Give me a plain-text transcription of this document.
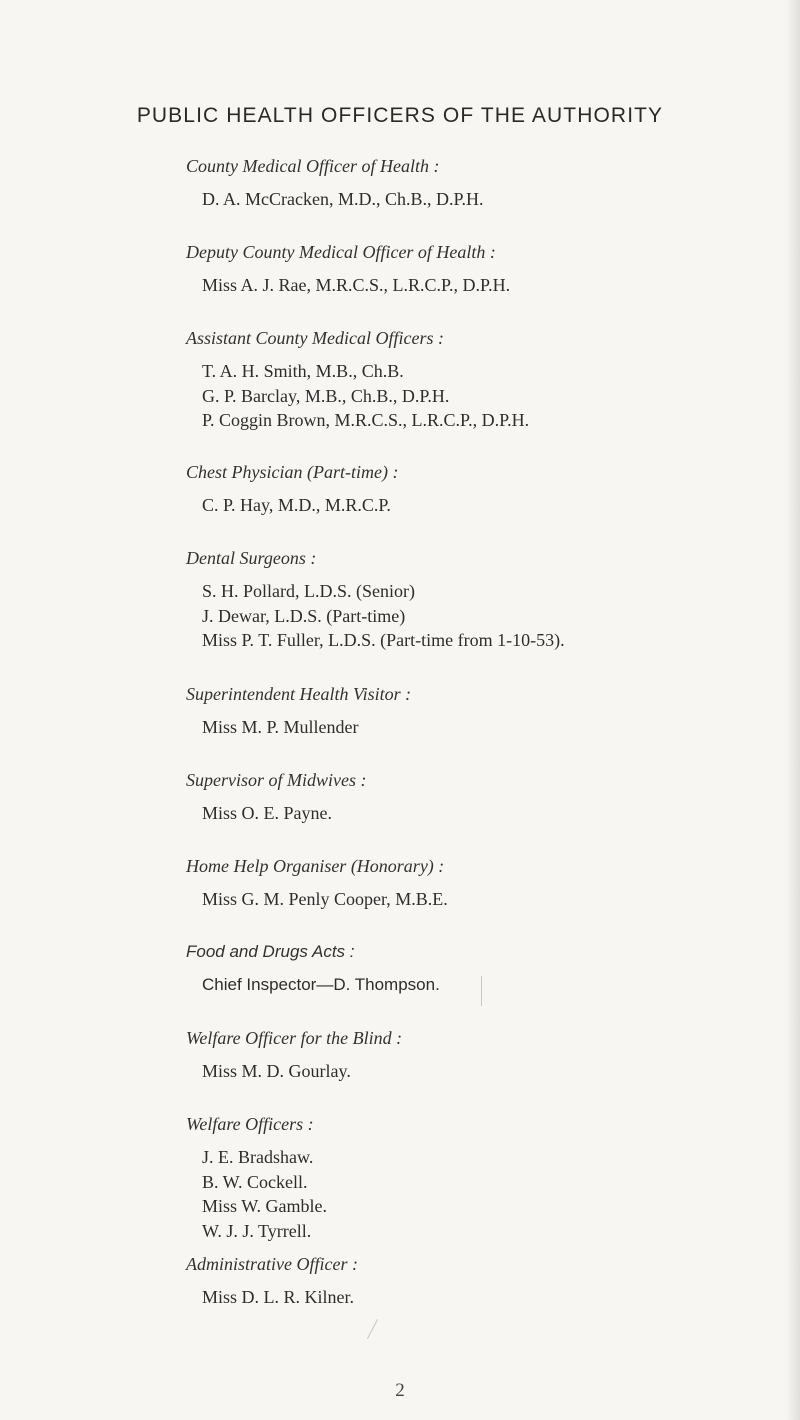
PUBLIC HEALTH OFFICERS OF THE AUTHORITY
County Medical Officer of Health :
D. A. McCracken, M.D., Ch.B., D.P.H.
Deputy County Medical Officer of Health :
Miss A. J. Rae, M.R.C.S., L.R.C.P., D.P.H.
Assistant County Medical Officers :
T. A. H. Smith, M.B., Ch.B.
G. P. Barclay, M.B., Ch.B., D.P.H.
P. Coggin Brown, M.R.C.S., L.R.C.P., D.P.H.
Chest Physician (Part-time) :
C. P. Hay, M.D., M.R.C.P.
Dental Surgeons :
S. H. Pollard, L.D.S. (Senior)
J. Dewar, L.D.S. (Part-time)
Miss P. T. Fuller, L.D.S. (Part-time from 1-10-53).
Superintendent Health Visitor :
Miss M. P. Mullender
Supervisor of Midwives :
Miss O. E. Payne.
Home Help Organiser (Honorary) :
Miss G. M. Penly Cooper, M.B.E.
Food and Drugs Acts :
Chief Inspector—D. Thompson.
Welfare Officer for the Blind :
Miss M. D. Gourlay.
Welfare Officers :
J. E. Bradshaw.
B. W. Cockell.
Miss W. Gamble.
W. J. J. Tyrrell.
Administrative Officer :
Miss D. L. R. Kilner.
2
